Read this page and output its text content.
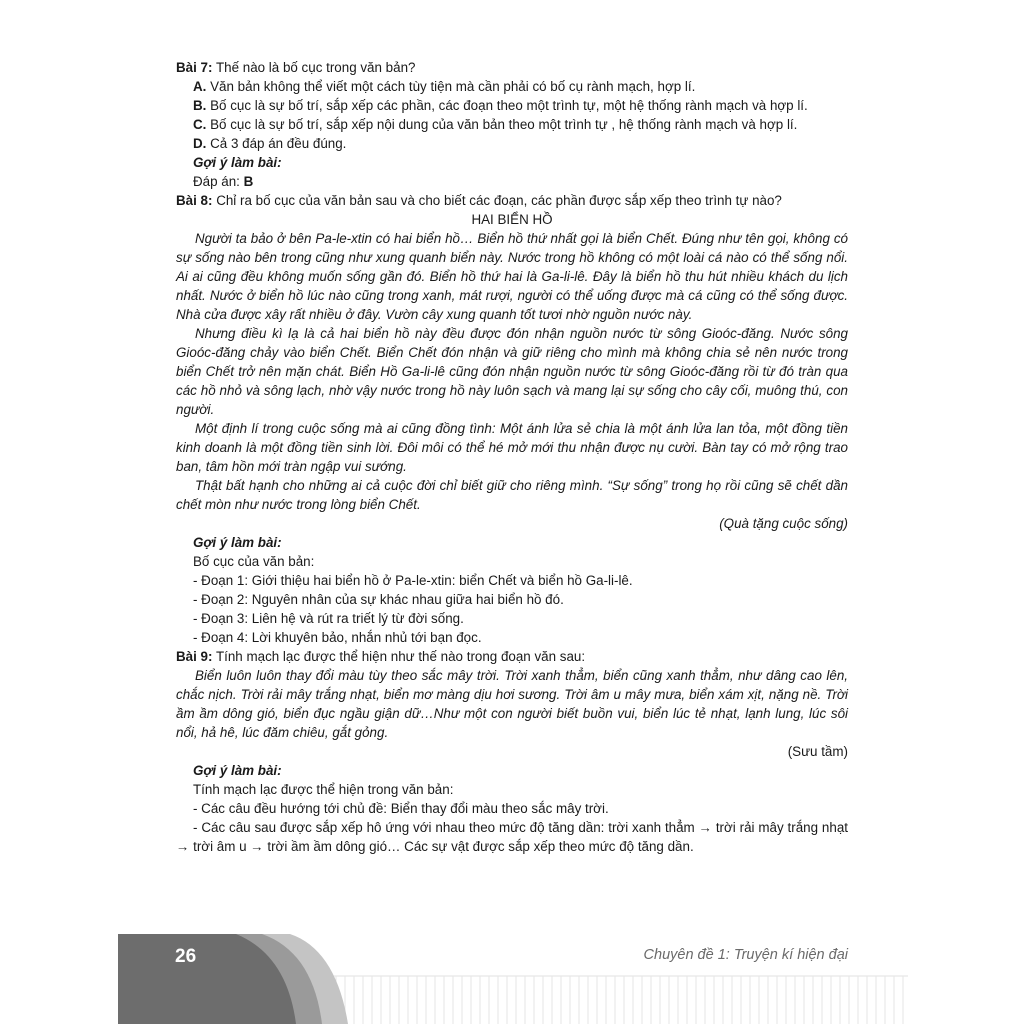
Bài 7: Thế nào là bố cục trong văn bản?
A. Văn bản không thể viết một cách tùy tiện mà cần phải có bố cụ rành mạch, hợp lí.
B. Bố cục là sự bố trí, sắp xếp các phần, các đoạn theo một trình tự, một hệ thống rành mạch và hợp lí.
C. Bố cục là sự bố trí, sắp xếp nội dung của văn bản theo một trình tự , hệ thống rành mạch và hợp lí.
D. Cả 3 đáp án đều đúng.
Gợi ý làm bài:
Đáp án: B
Bài 8: Chỉ ra bố cục của văn bản sau và cho biết các đoạn, các phần được sắp xếp theo trình tự nào?
HAI BIỂN HỒ
Người ta bảo ở bên Pa-le-xtin có hai biển hồ… Biển hồ thứ nhất gọi là biển Chết. Đúng như tên gọi, không có sự sống nào bên trong cũng như xung quanh biển này. Nước trong hồ không có một loài cá nào có thể sống nổi. Ai ai cũng đều không muốn sống gần đó. Biển hồ thứ hai là Ga-li-lê. Đây là biển hồ thu hút nhiều khách du lịch nhất. Nước ở biển hồ lúc nào cũng trong xanh, mát rượi, người có thể uống được mà cá cũng có thể sống được. Nhà cửa được xây rất nhiều ở đây. Vườn cây xung quanh tốt tươi nhờ nguồn nước này.
Nhưng điều kì lạ là cả hai biển hồ này đều được đón nhận nguồn nước từ sông Gioóc-đăng. Nước sông Gioóc-đăng chảy vào biển Chết. Biển Chết đón nhận và giữ riêng cho mình mà không chia sẻ nên nước trong biển Chết trở nên mặn chát. Biển Hồ Ga-li-lê cũng đón nhận nguồn nước từ sông Gioóc-đăng rồi từ đó tràn qua các hồ nhỏ và sông lạch, nhờ vậy nước trong hồ này luôn sạch và mang lại sự sống cho cây cối, muông thú, con người.
Một định lí trong cuộc sống mà ai cũng đồng tình: Một ánh lửa sẻ chia là một ánh lửa lan tỏa, một đồng tiền kinh doanh là một đồng tiền sinh lời. Đôi môi có thể hé mở mới thu nhận được nụ cười. Bàn tay có mở rộng trao ban, tâm hồn mới tràn ngập vui sướng.
Thật bất hạnh cho những ai cả cuộc đời chỉ biết giữ cho riêng mình. “Sự sống” trong họ rồi cũng sẽ chết dần chết mòn như nước trong lòng biển Chết.
(Quà tặng cuộc sống)
Gợi ý làm bài:
Bố cục của văn bản:
- Đoạn 1: Giới thiệu hai biển hồ ở Pa-le-xtin: biển Chết và biển hồ Ga-li-lê.
- Đoạn 2: Nguyên nhân của sự khác nhau giữa hai biển hồ đó.
- Đoạn 3: Liên hệ và rút ra triết lý từ đời sống.
- Đoạn 4: Lời khuyên bảo, nhắn nhủ tới bạn đọc.
Bài 9: Tính mạch lạc được thể hiện như thế nào trong đoạn văn sau:
Biển luôn luôn thay đổi màu tùy theo sắc mây trời. Trời xanh thẳm, biển cũng xanh thẳm, như dâng cao lên, chắc nịch. Trời rải mây trắng nhạt, biển mơ màng dịu hơi sương. Trời âm u mây mưa, biển xám xịt, nặng nề. Trời ầm ầm dông gió, biển đục ngầu giận dữ…Như một con người biết buồn vui, biển lúc tẻ nhạt, lạnh lung, lúc sôi nổi, hả hê, lúc đăm chiêu, gắt gỏng.
(Sưu tầm)
Gợi ý làm bài:
Tính mạch lạc được thể hiện trong văn bản:
- Các câu đều hướng tới chủ đề: Biển thay đổi màu theo sắc mây trời.
- Các câu sau được sắp xếp hô ứng với nhau theo mức độ tăng dần: trời xanh thẳm → trời rải mây trắng nhạt → trời âm u → trời ầm ầm dông gió… Các sự vật được sắp xếp theo mức độ tăng dần.
26	Chuyên đề 1: Truyện kí hiện đại
